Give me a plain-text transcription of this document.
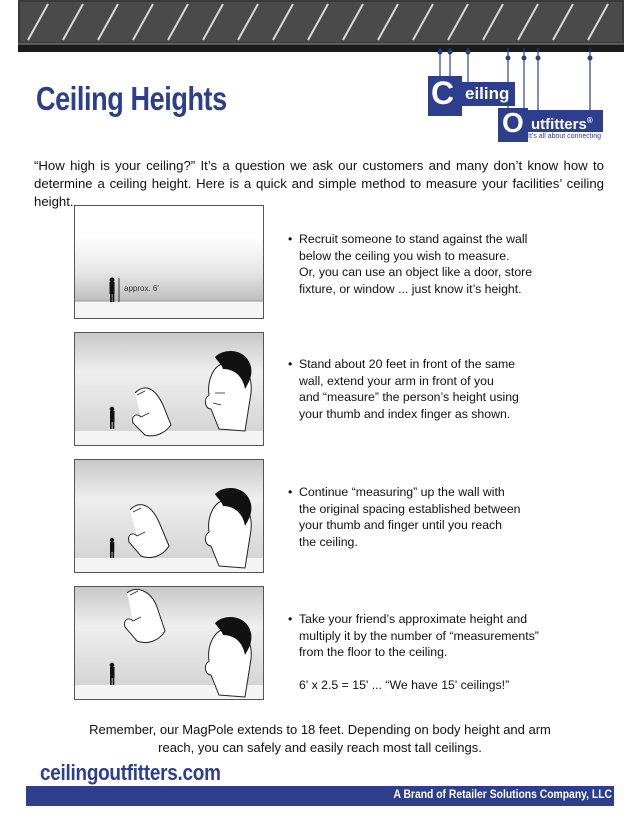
C eiling
O utfitters®
It’s all about connecting
Ceiling Heights
“How high is your ceiling?” It’s a question we ask our customers and many don’t know how to determine a ceiling height. Here is a quick and simple method to measure your facilities’ ceiling height.
approx. 6'
• Recruit someone to stand against the wall
below the ceiling you wish to measure.
Or, you can use an object like a door, store
fixture, or window ... just know it’s height.
• Stand about 20 feet in front of the same
wall, extend your arm in front of you
and “measure” the person’s height using
your thumb and index finger as shown.
• Continue “measuring” up the wall with
the original spacing established between
your thumb and finger until you reach
the ceiling.
• Take your friend’s approximate height and
multiply it by the number of “measurements”
from the floor to the ceiling.

6' x 2.5 = 15' ... “We have 15' ceilings!”
Remember, our MagPole extends to 18 feet. Depending on body height and arm reach, you can safely and easily reach most tall ceilings.
ceilingoutfitters.com
A Brand of Retailer Solutions Company, LLC
